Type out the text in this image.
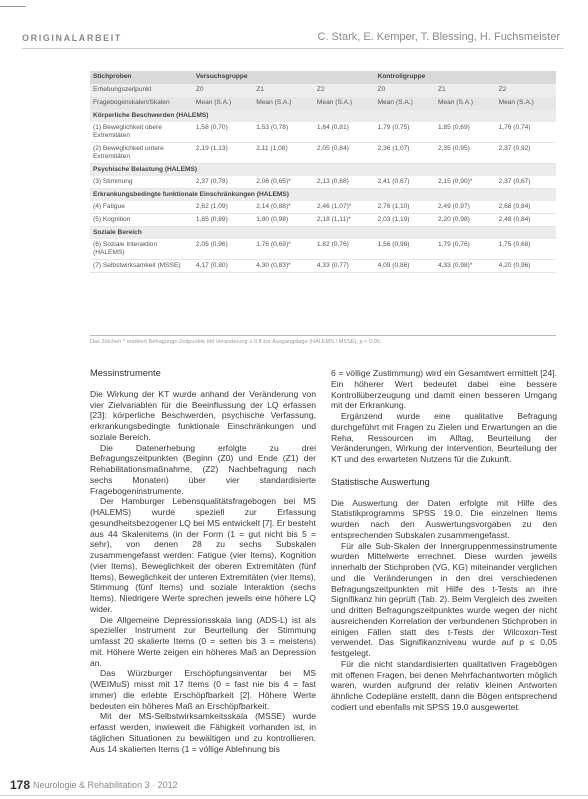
ORIGINALARBEIT	C. Stark, E. Kemper, T. Blessing, H. Fuchsmeister
Stichproben	Versuchsgruppe			Kontrollgruppe		
Erhebungszeitpunkt	Z0	Z1	Z2	Z0	Z1	Z2
Fragebogenskalen/Skalen	Mean (S.A.)	Mean (S.A.)	Mean (S.A.)	Mean (S.A.)	Mean (S.A.)	Mean (S.A.)
Körperliche Beschwerden (HALEMS)						
(1) Beweglichkeit obere Extremitäten	1,58 (0,70)	1,53 (0,78)	1,64 (0,81)	1,79 (0,75)	1,85 (0,69)	1,76 (0,74)
(2) Beweglichkeit untere Extremitäten	2,19 (1,13)	2,11 (1,08)	2,05 (0,84)	2,36 (1,07)	2,35 (0,95)	2,37 (0,92)
Psychische Belastung (HALEMS)						
(3) Stimmung	2,37 (0,78)	2,06 (0,65)*	2,13 (0,68)	2,41 (0,67)	2,15 (0,90)*	2,37 (0,67)
Erkrankungsbedingte funktionale Einschränkungen (HALEMS)						
(4) Fatigue	2,62 (1,09)	2,14 (0,88)*	2,46 (1,07)*	2,76 (1,10)	2,49 (0,97)	2,68 (0,84)
(5) Kognition	1,85 (0,89)	1,80 (0,98)	2,18 (1,11)*	2,03 (1,19)	2,20 (0,98)	2,48 (0,84)
Soziale Bereich						
(6) Soziale Interaktion (HALEMS)	2,05 (0,96)	1,76 (0,69)*	1,82 (0,76)	1,56 (0,98)	1,79 (0,76)	1,75 (0,68)
(7) Selbstwirksamkeit (MSSE)	4,17 (0,80)	4,30 (0,83)*	4,33 (0,77)	4,09 (0,86)	4,33 (0,98)*	4,20 (0,96)
Das Zeichen * markiert Befragungs-Zeitpunkte mit Veränderung ≥ 0,8 zur Ausgangslage (HALEMS / MSSE), p < 0,05.
Messinstrumente

Die Wirkung der KT wurde anhand der Veränderung von vier Zielvariablen für die Beeinflussung der LQ erfassen [23]: körperliche Beschwerden, psychische Verfassung, erkrankungsbedingte funktionale Einschränkungen und soziale Bereich.

Die Datenerhebung erfolgte zu drei Befragungszeitpunkten (Beginn (Z0) und Ende (Z1) der Rehabilitationsmaßnahme, (Z2) Nachbefragung nach sechs Monaten) über vier standardisierte Fragebogeninstrumente.

Der Hamburger Lebensqualitätsfragebogen bei MS (HALEMS) wurde speziell zur Erfassung gesundheitsbezogener LQ bei MS entwickelt [7]. Er besteht aus 44 Skalenitems (in der Form (1 = gut nicht bis 5 = sehr), von denen 28 zu sechs Subskalen zusammengefasst werden: Fatigue (vier Items), Kognition (vier Items), Beweglichkeit der oberen Extremitäten (fünf Items), Beweglichkeit der unteren Extremitäten (vier Items), Stimmung (fünf Items) und soziale Interaktion (sechs Items). Niedrigere Werte sprechen jeweils eine höhere LQ wider.

Die Allgemeine Depressionsskala lang (ADS-L) ist als spezieller Instrument zur Beurteilung der Stimmung umfasst 20 skalierte Items (0 = selten bis 3 = meistens) mit. Höhere Werte zeigen ein höheres Maß an Depression an.

Das Würzburger Erschöpfungsinventar bei MS (WEIMuS) misst mit 17 Items (0 = fast nie bis 4 = fast immer) die erlebte Erschöpfbarkeit [2]. Höhere Werte bedeuten ein höheres Maß an Erschöpfbarkeit.

Mit der MS-Selbstwirksamkeitsskala (MSSE) wurde erfasst werden, inwieweit die Fähigkeit vorhanden ist, in täglichen Situationen zu bewältigen und zu kontrollieren. Aus 14 skalierten Items (1 = völlige Ablehnung bis

6 = völlige Zustimmung) wird ein Gesamtwert ermittelt [24]. Ein höherer Wert bedeutet dabei eine bessere Kontrollüberzeugung und damit einen besseren Umgang mit der Erkrankung.

Ergänzend wurde eine qualitative Befragung durchgeführt mit Fragen zu Zielen und Erwartungen an die Reha, Ressourcen im Alltag, Beurteilung der Veränderungen, Wirkung der Intervention, Beurteilung der KT und des erwarteten Nutzens für die Zukunft.

Statistische Auswertung

Die Auswertung der Daten erfolgte mit Hilfe des Statistikprogramms SPSS 19.0. Die einzelnen Items wurden nach den Auswertungsvorgaben zu den entsprechenden Subskalen zusammengefasst.

Für alle Sub-Skalen der Innergruppenmessinstrumente wurden Mittelwerte errechnet. Diese wurden jeweils innerhalb der Stichproben (VG, KG) miteinander verglichen und die Veränderungen in den drei verschiedenen Befragungszeitpunkten mit Hilfe des t-Tests an ihre Signifikanz hin geprüft (Tab. 2). Beim Vergleich des zweiten und dritten Befragungszeitpunktes wurde wegen der nicht ausreichenden Korrelation der verbundenen Stichproben in einigen Fällen statt des t-Tests der Wilcoxon-Test verwendet. Das Signifikanzniveau wurde auf p ≤ 0,05 festgelegt.

Für die nicht standardisierten qualitativen Fragebögen mit offenen Fragen, bei denen Mehrfachantworten möglich waren, wurden aufgrund der relativ kleinen Antworten ähnliche Codepläne erstellt, dann die Bögen entsprechend codiert und ebenfalls mit SPSS 19.0 ausgewertet.

178 Neurologie & Rehabilitation 3 · 2012
